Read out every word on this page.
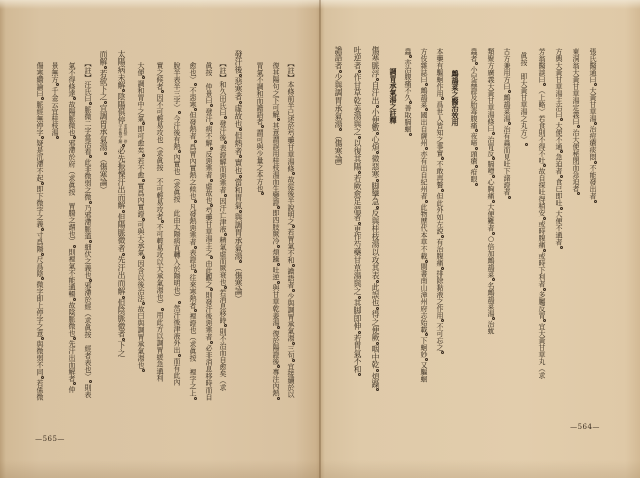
【註】本條前半已述於芍藥甘草湯條故從後半說明之若胃氣不和譫語者少與調胃承氣湯三句宜接續於以
復其陽句之下可解其意謂誤用桂枝湯而生變證即四肢厥冷煩躁吐逆與甘草乾姜湯復於陽證後專注內熱
胃氣不調和而譫語者謂可與少量之本方也
發汗後惡寒者虛故也但熱者實也當和胃氣與調胃承氣湯（傷寒論）
【註】和久田氏曰發汗後表證解而惡寒者因汗亡津液精氣虛而厥衰也若消息移時則不治而自愈矣（求
眞按　仲景曰發汗病不解反惡寒者虛故也芍藥甘草湯主之由此觀之則發汗後惡寒者必非消息移時而自
愈也）不惡寒但發熱者爲胃內實熱之候也凡發熱惡寒者表證也往來寒熱者裡證也（求眞按　裡字之上
脫半表半三字）今汗後有熱內實也（求眞按　此由太陽病直轉入於陽明也）然汗後津液外出而有此內
實之候者因不可輕易攻也（求眞按　不可輕易攻者不可輕易攻以大承氣湯也）用此方以調胃緩急通利
大便調和胃中之氣即可愈矣若不愈實爲內實證可與大承氣因含以後治法故曰與調胃承氣湯也
太陽病未解陰陽俱停
求眞按　停
字作微字解
必先振慄汗出而解但陽脈微者先汗出而解但陰脈微者下之
而解若欲下之宜調胃承氣湯（傷寒論）
【註】汪氏曰脈微二字當活看此非微弱之微乃邪滯脈道細伏之義也邪滯於經（求眞按　經者表也）則表
氣不得條達故陽脈微也邪滯於府（求眞按　胃腸之謂也）則裡氣不能通暢故陰脈微也先汗出而解者仲
景無方千金云宜桂枝湯
傷寒纘論曰脈經無停字疑是沉滯不起即下微字之義寸爲陽尺爲陰微字即上停字之意與微弱不同若係微
—565—
張氏醫通曰大黃甘草湯治痘瘡痰悶不能發出者
東洞翁大黃甘草湯定義曰治大便秘閉而急迫者
方輿大黃甘草湯主治曰大便不通急迫者食已即吐大便不通者
芳翁醫談曰（上略）若食則不得不吐故自探吐得稍安或時腹痛或時下利者多屬反胃宜大黃甘草丸（求
眞按　即大黃甘草湯之丸方）
古方兼用方曰鷓鴣菜湯治有蟲而見吐下諸證者
類聚方廣義大黃甘草湯條曰治胃反膈噎心胸痛大便難者○倍加鷓鴣菜名鷓鴣菜湯治蚘
蟲者小兒蟲證及胎毒腹痛夜啼頭瘡疳眼
鷓鴣菜之醫治效用
本藥有驅蛔作用爲世人皆知之事實不敢再贅但此外如左說有治腹痛排除黏液之作用不可忘之
方伎雜誌曰鷓鴣菜國出自薩州亦有出自紀州者此物歷代本草不載閩書南山漳州府志始載下蛔妙又驅蛔
蟲亦治腹痛不久善取膈蛔
調胃承氣湯之註釋
傷寒脈浮自汗出小便數心煩微惡寒脚攣急反與桂枝湯以攻其表此誤也得之便厥咽中乾煩躁
吐逆者作甘草乾姜湯與之以復其陽若厥愈足溫者更作芍藥甘草湯與之其脚即伸若胃氣不和
譫語者少與調胃承氣湯（傷寒論）
—564—
